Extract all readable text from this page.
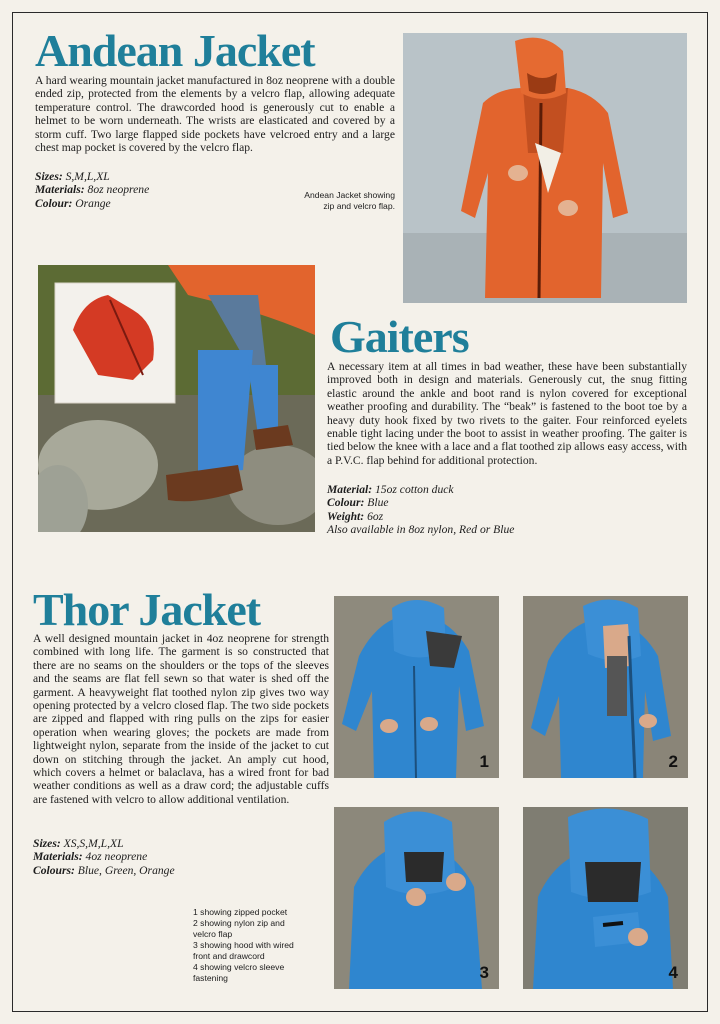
Andean Jacket

A hard wearing mountain jacket manufactured in 8oz neoprene with a double ended zip, protected from the elements by a velcro flap, allowing adequate temperature control. The drawcorded hood is generously cut to enable a helmet to be worn underneath. The wrists are elasticated and covered by a storm cuff. Two large flapped side pockets have velcroed entry and a large chest map pocket is covered by the velcro flap.

Sizes: S,M,L,XL
Materials: 8oz neoprene
Colour: Orange
Andean Jacket showing
zip and velcro flap.
Gaiters

A necessary item at all times in bad weather, these have been substantially improved both in design and materials. Generously cut, the snug fitting elastic around the ankle and boot rand is nylon covered for exceptional weather proofing and durability. The “beak” is fastened to the boot toe by a heavy duty hook fixed by two rivets to the gaiter. Four reinforced eyelets enable tight lacing under the boot to assist in weather proofing. The gaiter is tied below the knee with a lace and a flat toothed zip allows easy access, with a P.V.C. flap behind for additional protection.

Material: 15oz cotton duck
Colour: Blue
Weight: 6oz
Also available in 8oz nylon, Red or Blue
Thor Jacket

A well designed mountain jacket in 4oz neoprene for strength combined with long life. The garment is so constructed that there are no seams on the shoulders or the tops of the sleeves and the seams are flat fell sewn so that water is shed off the garment. A heavyweight flat toothed nylon zip gives two way opening protected by a velcro closed flap. The two side pockets are zipped and flapped with ring pulls on the zips for easier operation when wearing gloves; the pockets are made from lightweight nylon, separate from the inside of the jacket to cut down on stitching through the jacket. An amply cut hood, which covers a helmet or balaclava, has a wired front for bad weather conditions as well as a draw cord; the adjustable cuffs are fastened with velcro to allow additional ventilation.

Sizes: XS,S,M,L,XL
Materials: 4oz neoprene
Colours: Blue, Green, Orange
1 showing zipped pocket
2 showing nylon zip and
velcro flap
3 showing hood with wired
front and drawcord
4 showing velcro sleeve
fastening
1	2
3	4
